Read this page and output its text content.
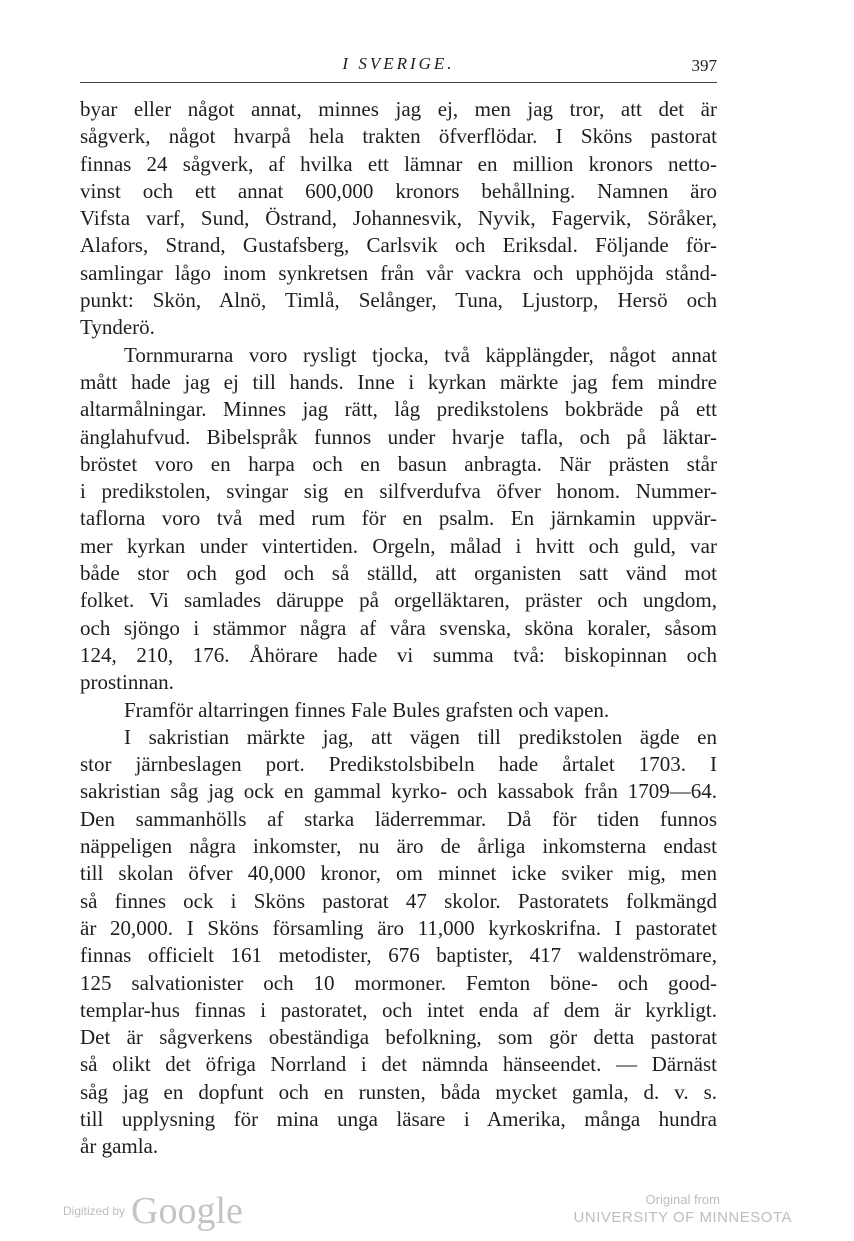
I SVERIGE.	397
byar eller något annat, minnes jag ej, men jag tror, att det är
sågverk, något hvarpå hela trakten öfverflödar. I Sköns pastorat
finnas 24 sågverk, af hvilka ett lämnar en million kronors netto-
vinst och ett annat 600,000 kronors behållning. Namnen äro
Vifsta varf, Sund, Östrand, Johannesvik, Nyvik, Fagervik, Söråker,
Alafors, Strand, Gustafsberg, Carlsvik och Eriksdal. Följande för-
samlingar lågo inom synkretsen från vår vackra och upphöjda stånd-
punkt: Skön, Alnö, Timlå, Selånger, Tuna, Ljustorp, Hersö och
Tynderö.
Tornmurarna voro rysligt tjocka, två käpplängder, något annat
mått hade jag ej till hands. Inne i kyrkan märkte jag fem mindre
altarmålningar. Minnes jag rätt, låg predikstolens bokbräde på ett
änglahufvud. Bibelspråk funnos under hvarje tafla, och på läktar-
bröstet voro en harpa och en basun anbragta. När prästen står
i predikstolen, svingar sig en silfverdufva öfver honom. Nummer-
taflorna voro två med rum för en psalm. En järnkamin uppvär-
mer kyrkan under vintertiden. Orgeln, målad i hvitt och guld, var
både stor och god och så ställd, att organisten satt vänd mot
folket. Vi samlades däruppe på orgelläktaren, präster och ungdom,
och sjöngo i stämmor några af våra svenska, sköna koraler, såsom
124, 210, 176. Åhörare hade vi summa två: biskopinnan och
prostinnan.
Framför altarringen finnes Fale Bules grafsten och vapen.
I sakristian märkte jag, att vägen till predikstolen ägde en
stor järnbeslagen port. Predikstolsbibeln hade årtalet 1703. I
sakristian såg jag ock en gammal kyrko- och kassabok från 1709—64.
Den sammanhölls af starka läderremmar. Då för tiden funnos
näppeligen några inkomster, nu äro de årliga inkomsterna endast
till skolan öfver 40,000 kronor, om minnet icke sviker mig, men
så finnes ock i Sköns pastorat 47 skolor. Pastoratets folkmängd
är 20,000. I Sköns församling äro 11,000 kyrkoskrifna. I pastoratet
finnas officielt 161 metodister, 676 baptister, 417 waldenströmare,
125 salvationister och 10 mormoner. Femton böne- och good-
templar-hus finnas i pastoratet, och intet enda af dem är kyrkligt.
Det är sågverkens obeständiga befolkning, som gör detta pastorat
så olikt det öfriga Norrland i det nämnda hänseendet. — Därnäst
såg jag en dopfunt och en runsten, båda mycket gamla, d. v. s.
till upplysning för mina unga läsare i Amerika, många hundra
år gamla.
Digitized by Google	Original from
UNIVERSITY OF MINNESOTA
